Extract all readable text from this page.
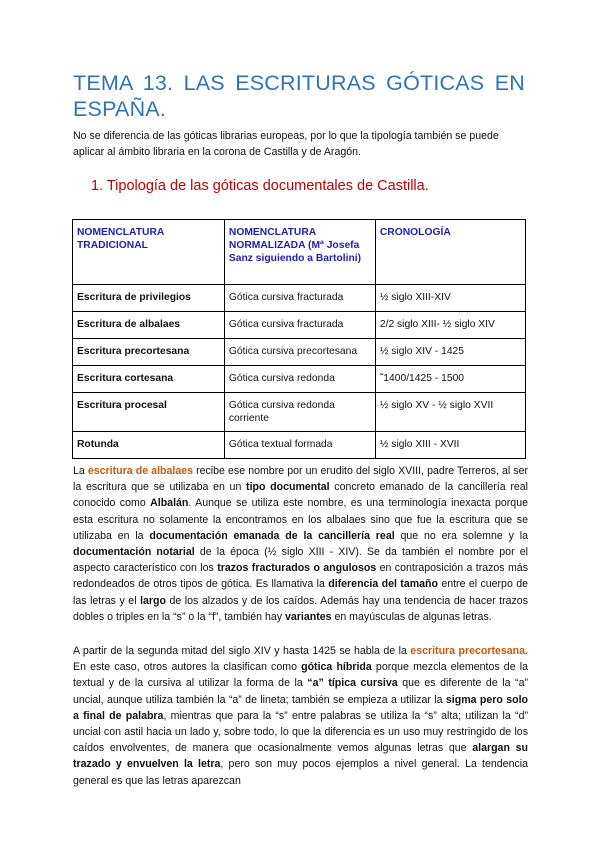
TEMA 13. LAS ESCRITURAS GÓTICAS EN ESPAÑA.

No se diferencia de las góticas librarias europeas, por lo que la tipología también se puede aplicar al ámbito libraria en la corona de Castilla y de Aragón.

1. Tipología de las góticas documentales de Castilla.
NOMENCLATURA TRADICIONAL	NOMENCLATURA NORMALIZADA (Mª Josefa Sanz siguiendo a Bartolini)	CRONOLOGÍA
Escritura de privilegios	Gótica cursiva fracturada	½ siglo XIII-XIV
Escritura de albalaes	Gótica cursiva fracturada	2/2 siglo XIII- ½ siglo XIV
Escritura precortesana	Gótica cursiva precortesana	½ siglo XIV - 1425
Escritura cortesana	Gótica cursiva redonda	˜1400/1425 - 1500
Escritura procesal	Gótica cursiva redonda corriente	½ siglo XV - ½ siglo XVII
Rotunda	Gótica textual formada	½ siglo XIII - XVII

La escritura de albalaes recibe ese nombre por un erudito del siglo XVIII, padre Terreros, al ser la escritura que se utilizaba en un tipo documental concreto emanado de la cancillería real conocido como Albalán. Aunque se utiliza este nombre, es una terminología inexacta porque esta escritura no solamente la encontramos en los albalaes sino que fue la escritura que se utilizaba en la documentación emanada de la cancillería real que no era solemne y la documentación notarial de la época (½ siglo XIII - XIV). Se da también el nombre por el aspecto característico con los trazos fracturados o angulosos en contraposición a trazos más redondeados de otros tipos de gótica. Es llamativa la diferencia del tamaño entre el cuerpo de las letras y el largo de los alzados y de los caídos. Además hay una tendencia de hacer trazos dobles o triples en la “s” o la “f”, también hay variantes en mayúsculas de algunas letras.

A partir de la segunda mitad del siglo XIV y hasta 1425 se habla de la escritura precortesana. En este caso, otros autores la clasifican como gótica híbrida porque mezcla elementos de la textual y de la cursiva al utilizar la forma de la “a” típica cursiva que es diferente de la “a” uncial, aunque utiliza también la “a” de lineta; también se empieza a utilizar la sigma pero solo a final de palabra, mientras que para la “s” entre palabras se utiliza la “s” alta; utilizan la “d” uncial con astil hacia un lado y, sobre todo, lo que la diferencia es un uso muy restringido de los caídos envolventes, de manera que ocasionalmente vemos algunas letras que alargan su trazado y envuelven la letra, pero son muy pocos ejemplos a nivel general. La tendencia general es que las letras aparezcan
